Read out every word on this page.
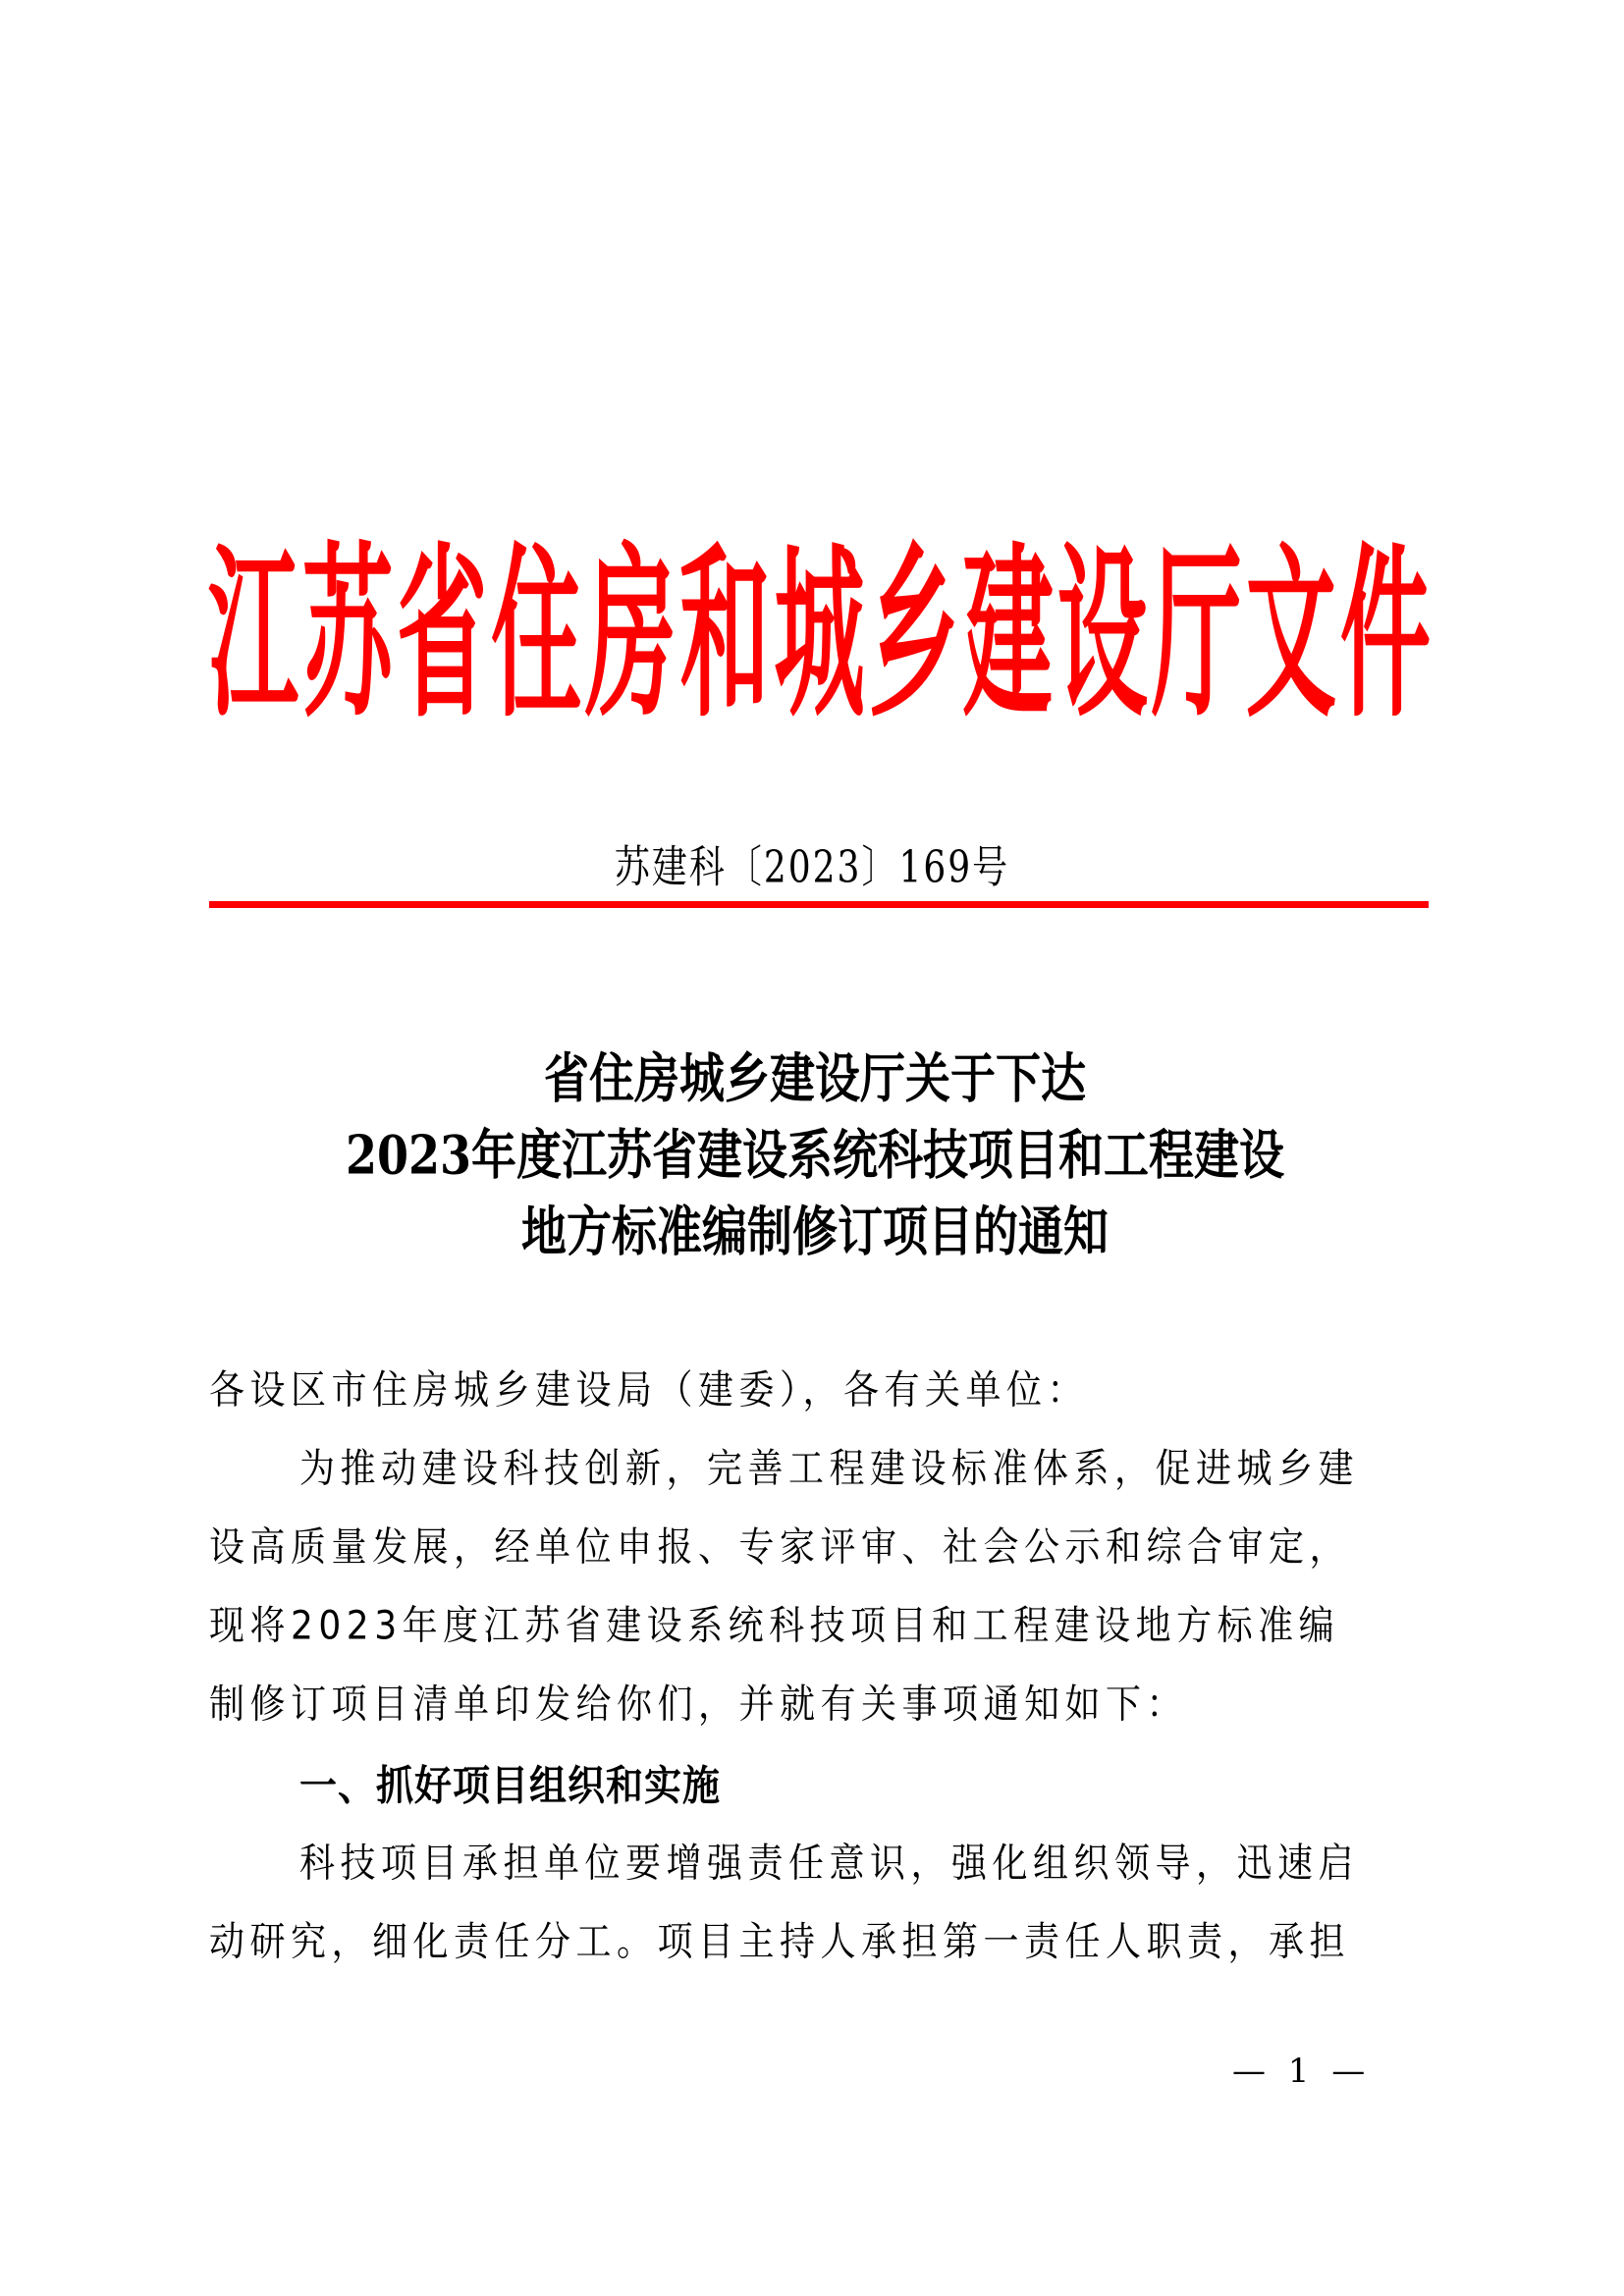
江 苏 省 住 房 和 城 乡 建 设 厅 文 件
苏建科〔2023〕169号
省住房城乡建设厅关于下达
2023年度江苏省建设系统科技项目和工程建设
地方标准编制修订项目的通知
各设区市住房城乡建设局（建委），各有关单位：
为推动建设科技创新，完善工程建设标准体系，促进城乡建
设高质量发展，经单位申报、专家评审、社会公示和综合审定，
现将2023年度江苏省建设系统科技项目和工程建设地方标准编
制修订项目清单印发给你们，并就有关事项通知如下：
一、抓好项目组织和实施
科技项目承担单位要增强责任意识，强化组织领导，迅速启
动研究，细化责任分工。项目主持人承担第一责任人职责，承担
— 1 —
